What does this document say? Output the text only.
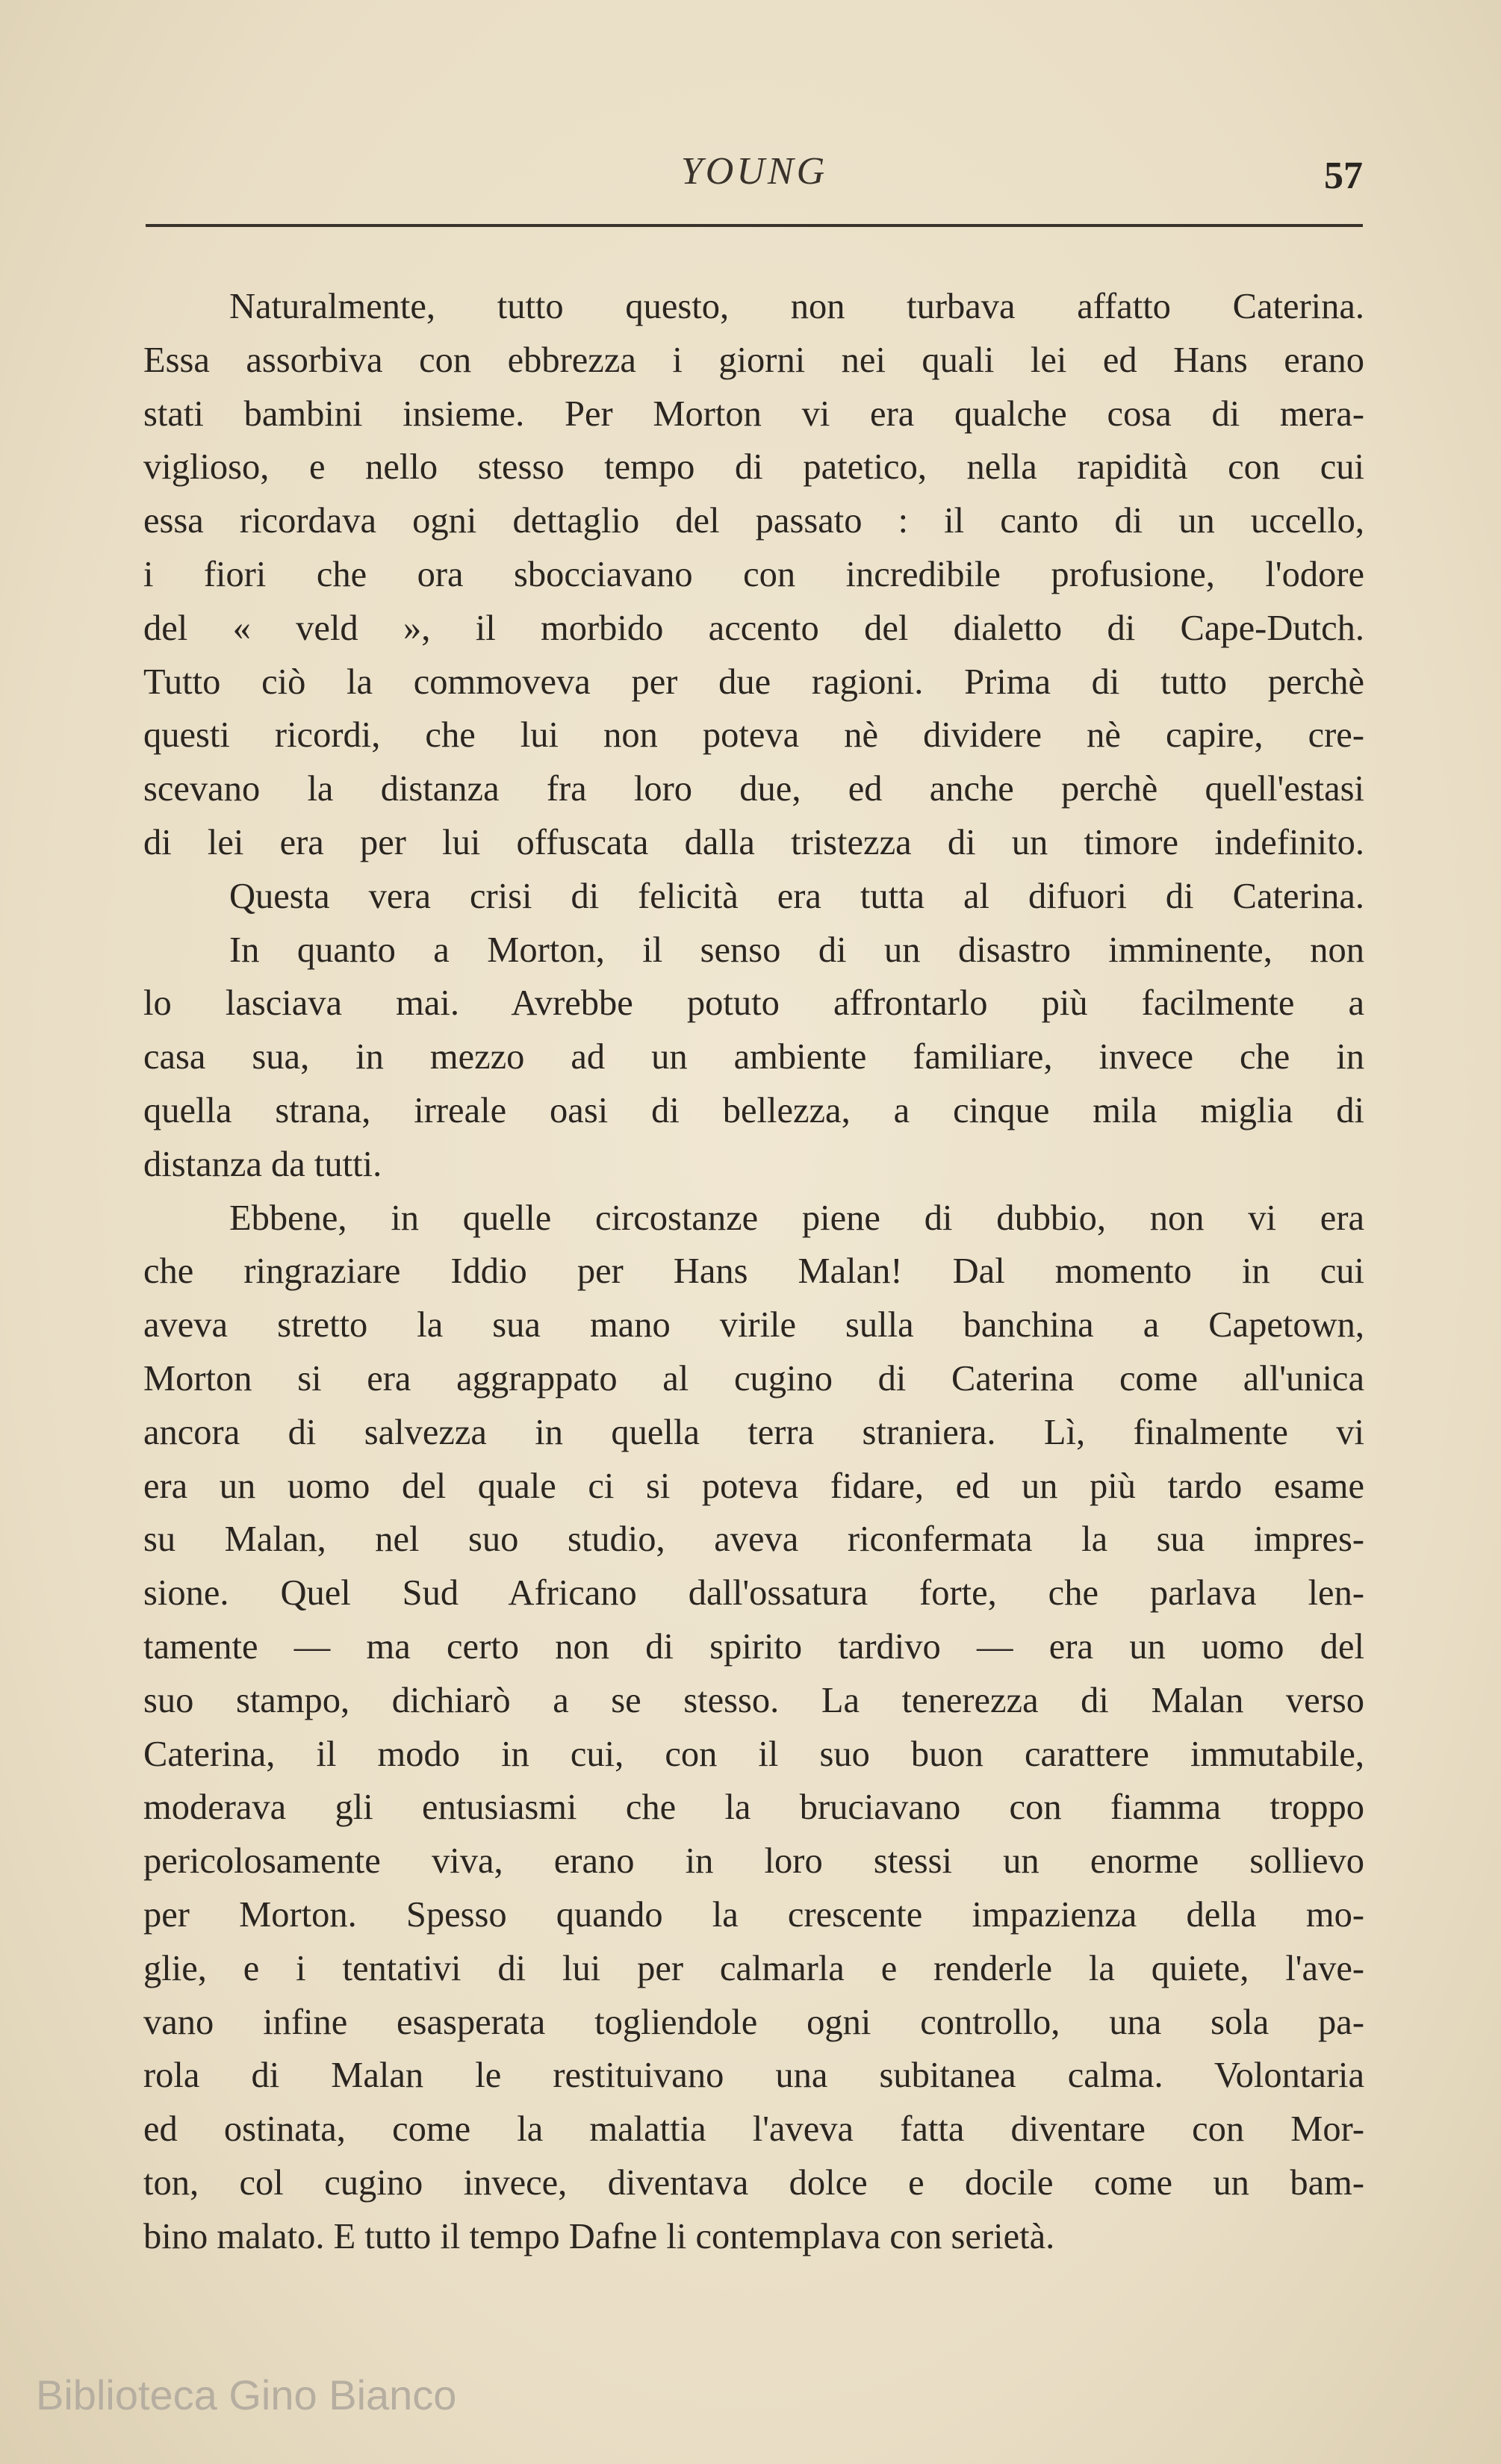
YOUNG	57
Naturalmente, tutto questo, non turbava affatto Caterina.
Essa assorbiva con ebbrezza i giorni nei quali lei ed Hans erano
stati bambini insieme. Per Morton vi era qualche cosa di mera-
viglioso, e nello stesso tempo di patetico, nella rapidità con cui
essa ricordava ogni dettaglio del passato : il canto di un uccello,
i fiori che ora sbocciavano con incredibile profusione, l'odore
del « veld », il morbido accento del dialetto di Cape-Dutch.
Tutto ciò la commoveva per due ragioni. Prima di tutto perchè
questi ricordi, che lui non poteva nè dividere nè capire, cre-
scevano la distanza fra loro due, ed anche perchè quell'estasi
di lei era per lui offuscata dalla tristezza di un timore indefinito.
Questa vera crisi di felicità era tutta al difuori di Caterina.
In quanto a Morton, il senso di un disastro imminente, non
lo lasciava mai. Avrebbe potuto affrontarlo più facilmente a
casa sua, in mezzo ad un ambiente familiare, invece che in
quella strana, irreale oasi di bellezza, a cinque mila miglia di
distanza da tutti.
Ebbene, in quelle circostanze piene di dubbio, non vi era
che ringraziare Iddio per Hans Malan! Dal momento in cui
aveva stretto la sua mano virile sulla banchina a Capetown,
Morton si era aggrappato al cugino di Caterina come all'unica
ancora di salvezza in quella terra straniera. Lì, finalmente vi
era un uomo del quale ci si poteva fidare, ed un più tardo esame
su Malan, nel suo studio, aveva riconfermata la sua impres-
sione. Quel Sud Africano dall'ossatura forte, che parlava len-
tamente — ma certo non di spirito tardivo — era un uomo del
suo stampo, dichiarò a se stesso. La tenerezza di Malan verso
Caterina, il modo in cui, con il suo buon carattere immutabile,
moderava gli entusiasmi che la bruciavano con fiamma troppo
pericolosamente viva, erano in loro stessi un enorme sollievo
per Morton. Spesso quando la crescente impazienza della mo-
glie, e i tentativi di lui per calmarla e renderle la quiete, l'ave-
vano infine esasperata togliendole ogni controllo, una sola pa-
rola di Malan le restituivano una subitanea calma. Volontaria
ed ostinata, come la malattia l'aveva fatta diventare con Mor-
ton, col cugino invece, diventava dolce e docile come un bam-
bino malato. E tutto il tempo Dafne li contemplava con serietà.
Biblioteca Gino Bianco
